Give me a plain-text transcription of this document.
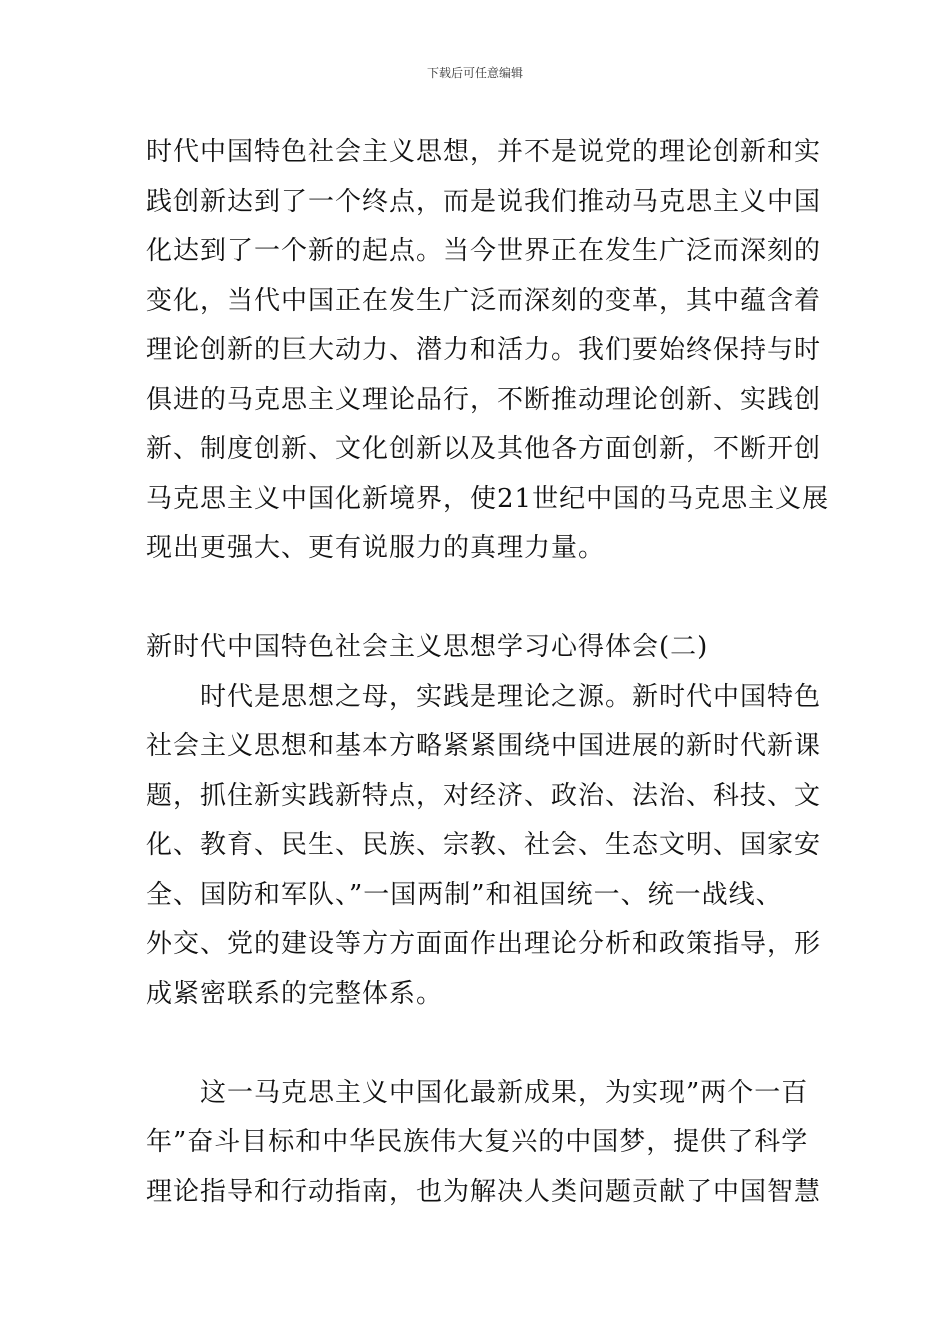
下载后可任意编辑
时代中国特色社会主义思想，并不是说党的理论创新和实
践创新达到了一个终点，而是说我们推动马克思主义中国
化达到了一个新的起点。当今世界正在发生广泛而深刻的
变化，当代中国正在发生广泛而深刻的变革，其中蕴含着
理论创新的巨大动力、潜力和活力。我们要始终保持与时
俱进的马克思主义理论品行，不断推动理论创新、实践创
新、制度创新、文化创新以及其他各方面创新，不断开创
马克思主义中国化新境界，使21世纪中国的马克思主义展
现出更强大、更有说服力的真理力量。
新时代中国特色社会主义思想学习心得体会(二)
时代是思想之母，实践是理论之源。新时代中国特色
社会主义思想和基本方略紧紧围绕中国进展的新时代新课
题，抓住新实践新特点，对经济、政治、法治、科技、文
化、教育、民生、民族、宗教、社会、生态文明、国家安
全、国防和军队、”一国两制”和祖国统一、统一战线、
外交、党的建设等方方面面作出理论分析和政策指导，形
成紧密联系的完整体系。
这一马克思主义中国化最新成果，为实现”两个一百
年”奋斗目标和中华民族伟大复兴的中国梦，提供了科学
理论指导和行动指南，也为解决人类问题贡献了中国智慧
